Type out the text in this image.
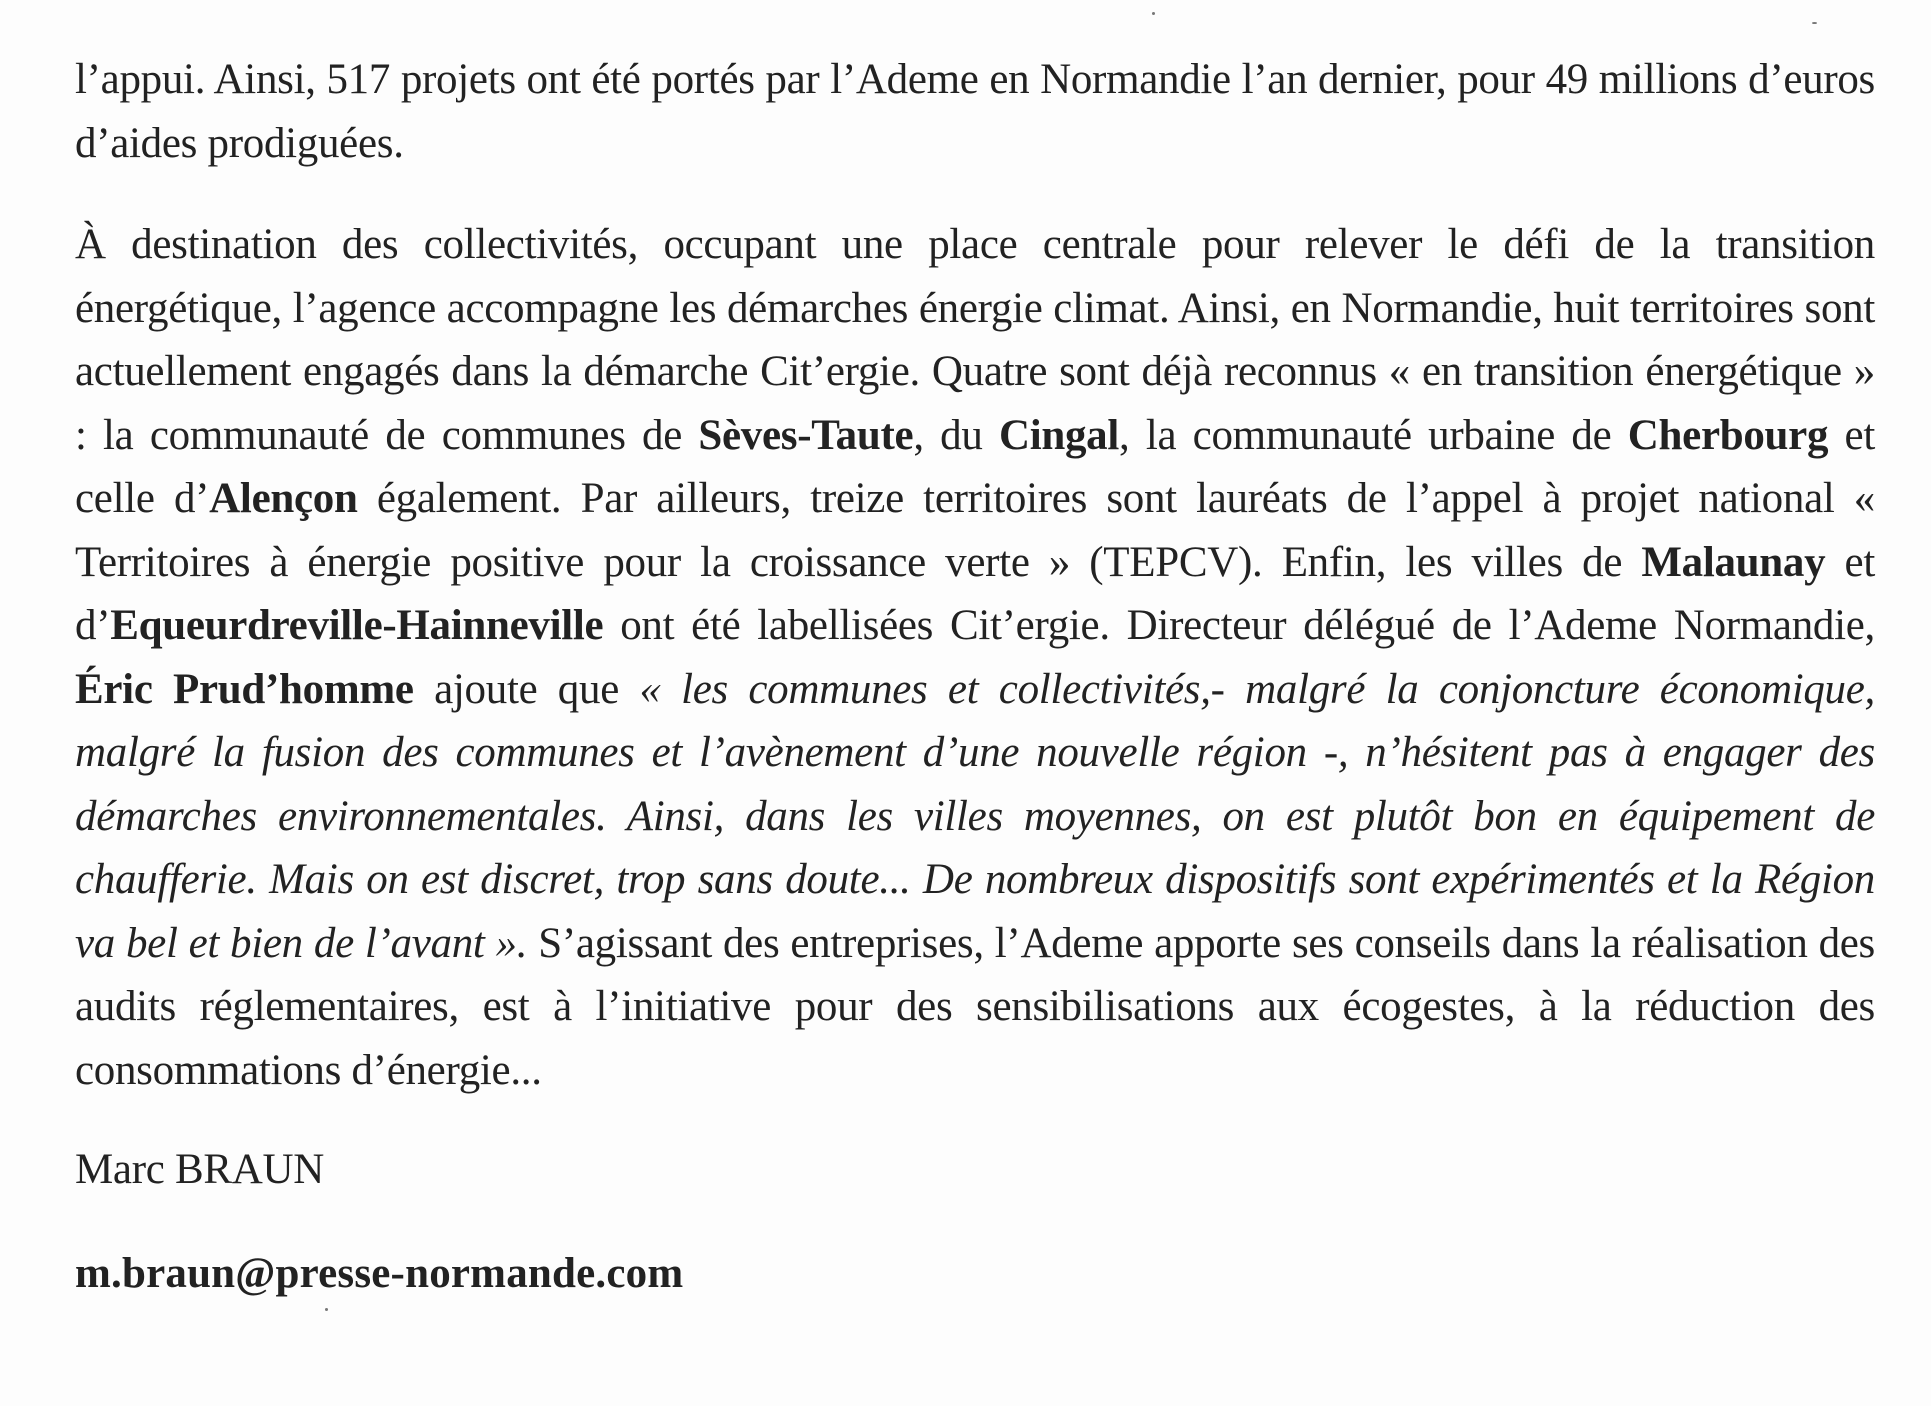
l’appui. Ainsi, 517 projets ont été portés par l’Ademe en Normandie l’an dernier, pour 49 millions d’euros d’aides prodiguées.

À destination des collectivités, occupant une place centrale pour relever le défi de la transition énergétique, l’agence accompagne les démarches énergie climat. Ainsi, en Normandie, huit territoires sont actuellement engagés dans la démarche Cit’ergie. Quatre sont déjà reconnus « en transition énergétique » : la communauté de communes de Sèves-Taute, du Cingal, la communauté urbaine de Cherbourg et celle d’Alençon également. Par ailleurs, treize territoires sont lauréats de l’appel à projet national « Territoires à énergie positive pour la croissance verte » (TEPCV). Enfin, les villes de Malaunay et d’Equeurdreville-Hainneville ont été labellisées Cit’ergie. Directeur délégué de l’Ademe Normandie, Éric Prud’homme ajoute que « les communes et collectivités,- malgré la conjoncture économique, malgré la fusion des communes et l’avènement d’une nouvelle région -, n’hésitent pas à engager des démarches environnementales. Ainsi, dans les villes moyennes, on est plutôt bon en équipement de chaufferie. Mais on est discret, trop sans doute... De nombreux dispositifs sont expérimentés et la Région va bel et bien de l’avant ». S’agissant des entreprises, l’Ademe apporte ses conseils dans la réalisation des audits réglementaires, est à l’initiative pour des sensibilisations aux écogestes, à la réduction des consommations d’énergie...

Marc BRAUN

m.braun@presse-normande.com
